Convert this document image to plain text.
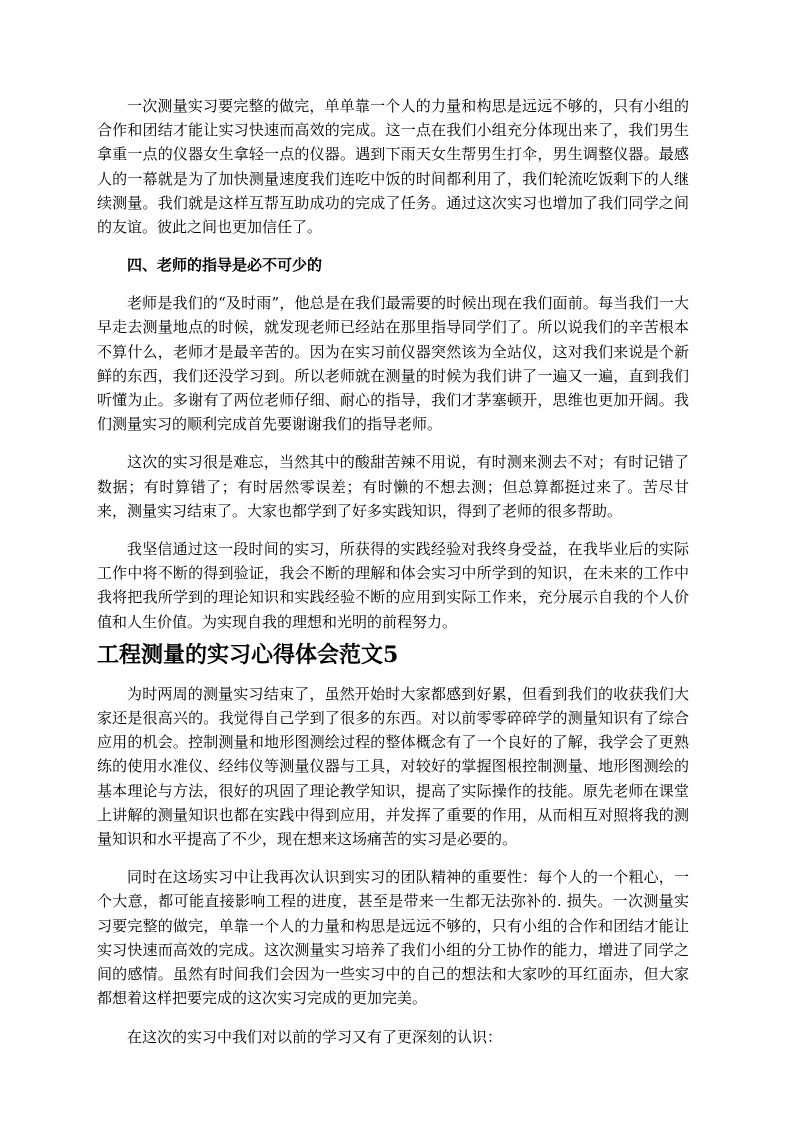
一次测量实习要完整的做完，单单靠一个人的力量和构思是远远不够的，只有小组的合作和团结才能让实习快速而高效的完成。这一点在我们小组充分体现出来了，我们男生拿重一点的仪器女生拿轻一点的仪器。遇到下雨天女生帮男生打伞，男生调整仪器。最感人的一幕就是为了加快测量速度我们连吃中饭的时间都利用了，我们轮流吃饭剩下的人继续测量。我们就是这样互帮互助成功的完成了任务。通过这次实习也增加了我们同学之间的友谊。彼此之间也更加信任了。

四、老师的指导是必不可少的

老师是我们的“及时雨”，他总是在我们最需要的时候出现在我们面前。每当我们一大早走去测量地点的时候，就发现老师已经站在那里指导同学们了。所以说我们的辛苦根本不算什么，老师才是最辛苦的。因为在实习前仪器突然该为全站仪，这对我们来说是个新鲜的东西，我们还没学习到。所以老师就在测量的时候为我们讲了一遍又一遍，直到我们听懂为止。多谢有了两位老师仔细、耐心的指导，我们才茅塞顿开，思维也更加开阔。我们测量实习的顺利完成首先要谢谢我们的指导老师。

这次的实习很是难忘，当然其中的酸甜苦辣不用说，有时测来测去不对；有时记错了数据；有时算错了；有时居然零误差；有时懒的不想去测；但总算都挺过来了。苦尽甘来，测量实习结束了。大家也都学到了好多实践知识，得到了老师的很多帮助。

我坚信通过这一段时间的实习，所获得的实践经验对我终身受益，在我毕业后的实际工作中将不断的得到验证，我会不断的理解和体会实习中所学到的知识，在未来的工作中我将把我所学到的理论知识和实践经验不断的应用到实际工作来，充分展示自我的个人价值和人生价值。为实现自我的理想和光明的前程努力。

工程测量的实习心得体会范文5

为时两周的测量实习结束了，虽然开始时大家都感到好累，但看到我们的收获我们大家还是很高兴的。我觉得自己学到了很多的东西。对以前零零碎碎学的测量知识有了综合应用的机会。控制测量和地形图测绘过程的整体概念有了一个良好的了解，我学会了更熟练的使用水准仪、经纬仪等测量仪器与工具，对较好的掌握图根控制测量、地形图测绘的基本理论与方法，很好的巩固了理论教学知识，提高了实际操作的技能。原先老师在课堂上讲解的测量知识也都在实践中得到应用，并发挥了重要的作用，从而相互对照将我的测量知识和水平提高了不少，现在想来这场痛苦的实习是必要的。

同时在这场实习中让我再次认识到实习的团队精神的重要性：每个人的一个粗心，一个大意，都可能直接影响工程的进度，甚至是带来一生都无法弥补的. 损失。一次测量实习要完整的做完，单靠一个人的力量和构思是远远不够的，只有小组的合作和团结才能让实习快速而高效的完成。这次测量实习培养了我们小组的分工协作的能力，增进了同学之间的感情。虽然有时间我们会因为一些实习中的自己的想法和大家吵的耳红面赤，但大家都想着这样把要完成的这次实习完成的更加完美。

在这次的实习中我们对以前的学习又有了更深刻的认识：
